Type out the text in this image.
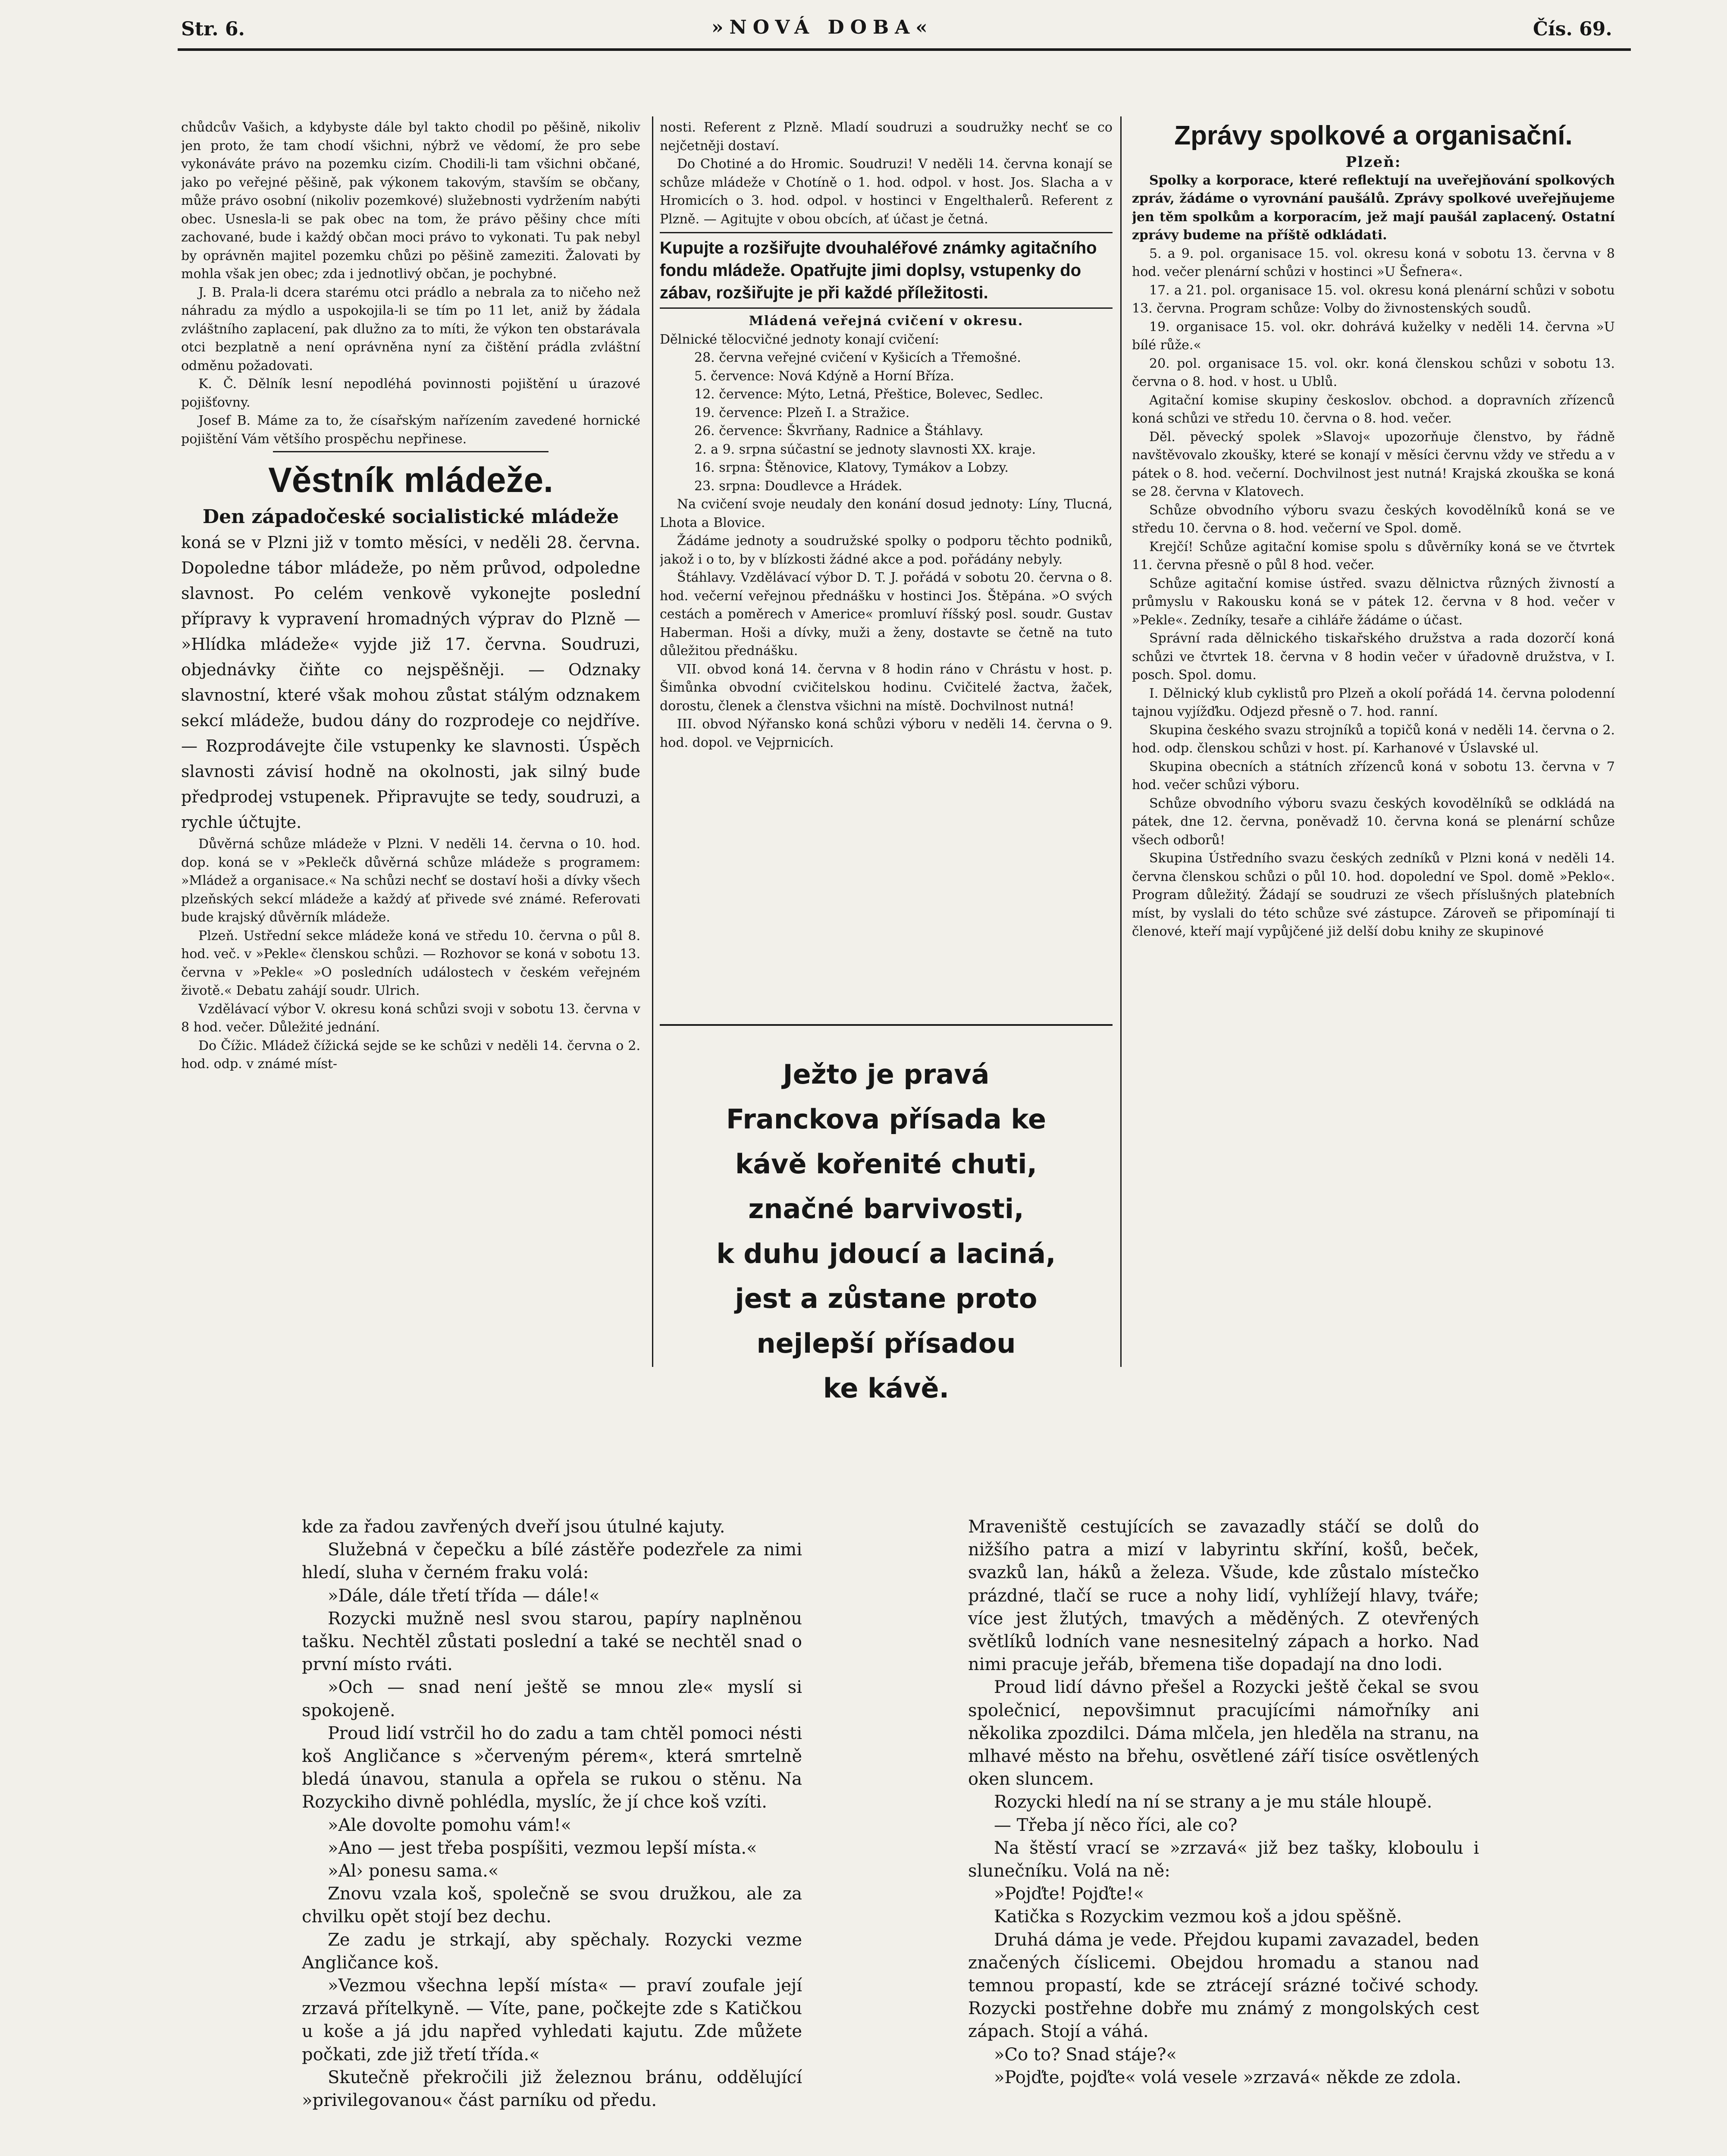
Str. 6.	»NOVÁ DOBA«	Čís. 69.

chůdcův Vašich, a kdybyste dále byl takto chodil po pěšině, nikoliv jen proto, že tam chodí všichni, nýbrž ve vědomí, že pro sebe vykonáváte právo na pozemku cizím. Chodili-li tam všichni občané, jako po veřejné pěšině, pak výkonem takovým, stavším se občany, může právo osobní (nikoliv pozemkové) služebnosti vydržením nabýti obec. Usnesla-li se pak obec na tom, že právo pěšiny chce míti zachované, bude i každý občan moci právo to vykonati. Tu pak nebyl by oprávněn majitel pozemku chůzi po pěšině zameziti. Žalovati by mohla však jen obec; zda i jednotlivý občan, je pochybné.

J. B. Prala-li dcera starému otci prádlo a nebrala za to ničeho než náhradu za mýdlo a uspokojila-li se tím po 11 let, aniž by žádala zvláštního zaplacení, pak dlužno za to míti, že výkon ten obstarávala otci bezplatně a není oprávněna nyní za čištění prádla zvláštní odměnu požadovati.

K. Č. Dělník lesní nepodléhá povinnosti pojištění u úrazové pojišťovny.

Josef B. Máme za to, že císařským nařízením zavedené hornické pojištění Vám většího prospěchu nepřinese.

Věstník mládeže.
Den západočeské socialistické mládeže

koná se v Plzni již v tomto měsíci, v neděli 28. června. Dopoledne tábor mládeže, po něm průvod, odpoledne slavnost. Po celém venkově vykonejte poslední přípravy k vypravení hromadných výprav do Plzně — »Hlídka mládeže« vyjde již 17. června. Soudruzi, objednávky čiňte co nejspěšněji. — Odznaky slavnostní, které však mohou zůstat stálým odznakem sekcí mládeže, budou dány do rozprodeje co nejdříve. — Rozprodávejte čile vstupenky ke slavnosti. Úspěch slavnosti závisí hodně na okolnosti, jak silný bude předprodej vstupenek. Připravujte se tedy, soudruzi, a rychle účtujte.

Důvěrná schůze mládeže v Plzni. V neděli 14. června o 10. hod. dop. koná se v »Peklečk důvěrná schůze mládeže s programem: »Mládež a organisace.« Na schůzi nechť se dostaví hoši a dívky všech plzeňských sekcí mládeže a každý ať přivede své známé. Referovati bude krajský důvěrník mládeže.

Plzeň. Ustřední sekce mládeže koná ve středu 10. června o půl 8. hod. več. v »Pekle« členskou schůzi. — Rozhovor se koná v sobotu 13. června v »Pekle« »O posledních událostech v českém veřejném životě.« Debatu zahájí soudr. Ulrich.

Vzdělávací výbor V. okresu koná schůzi svoji v sobotu 13. června v 8 hod. večer. Důležité jednání.

Do Čížic. Mládež čížická sejde se ke schůzi v neděli 14. června o 2. hod. odp. v známé míst-

nosti. Referent z Plzně. Mladí soudruzi a soudružky nechť se co nejčetněji dostaví.

Do Chotiné a do Hromic. Soudruzi! V neděli 14. června konají se schůze mládeže v Chotíně o 1. hod. odpol. v host. Jos. Slacha a v Hromicích o 3. hod. odpol. v hostinci v Engelthalerů. Referent z Plzně. — Agitujte v obou obcích, ať účast je četná.

Kupujte a rozšiřujte dvouhaléřové známky agitačního fondu mládeže. Opatřujte jimi doplsy, vstupenky do zábav, rozšiřujte je při každé příležitosti.

Mládená veřejná cvičení v okresu.

Dělnické tělocvičné jednoty konají cvičení:

28. června veřejné cvičení v Kyšicích a Třemošné.

5. července: Nová Kdýně a Horní Bříza.

12. července: Mýto, Letná, Přeštice, Bolevec, Sedlec.

19. července: Plzeň I. a Stražice.

26. července: Škvrňany, Radnice a Štáhlavy.

2. a 9. srpna súčastní se jednoty slavnosti XX. kraje.

16. srpna: Štěnovice, Klatovy, Tymákov a Lobzy.

23. srpna: Doudlevce a Hrádek.

Na cvičení svoje neudaly den konání dosud jednoty: Líny, Tlucná, Lhota a Blovice.

Žádáme jednoty a soudružské spolky o podporu těchto podniků, jakož i o to, by v blízkosti žádné akce a pod. pořádány nebyly.

Štáhlavy. Vzdělávací výbor D. T. J. pořádá v sobotu 20. června o 8. hod. večerní veřejnou přednášku v hostinci Jos. Štěpána. »O svých cestách a poměrech v Americe« promluví říšský posl. soudr. Gustav Haberman. Hoši a dívky, muži a ženy, dostavte se četně na tuto důležitou přednášku.

VII. obvod koná 14. června v 8 hodin ráno v Chrástu v host. p. Šimůnka obvodní cvičitelskou hodinu. Cvičitelé žactva, žaček, dorostu, členek a členstva všichni na místě. Dochvilnost nutná!

III. obvod Nýřansko koná schůzi výboru v neděli 14. června o 9. hod. dopol. ve Vejprnicích.

Ježto je pravá
Franckova přísada ke
kávě kořenité chuti,
značné barvivosti,
k duhu jdoucí a laciná,
jest a zůstane proto
nejlepší přísadou
ke kávě.
Zprávy spolkové a organisační.
Plzeň:

Spolky a korporace, které reflektují na uveřejňování spolkových zpráv, žádáme o vyrovnání paušálů. Zprávy spolkové uveřejňujeme jen těm spolkům a korporacím, jež mají paušál zaplacený. Ostatní zprávy budeme na příště odkládati.

5. a 9. pol. organisace 15. vol. okresu koná v sobotu 13. června v 8 hod. večer plenární schůzi v hostinci »U Šefnera«.

17. a 21. pol. organisace 15. vol. okresu koná plenární schůzi v sobotu 13. června. Program schůze: Volby do živnostenských soudů.

19. organisace 15. vol. okr. dohrává kuželky v neděli 14. června »U bílé růže.«

20. pol. organisace 15. vol. okr. koná členskou schůzi v sobotu 13. června o 8. hod. v host. u Ublů.

Agitační komise skupiny českoslov. obchod. a dopravních zřízenců koná schůzi ve středu 10. června o 8. hod. večer.

Děl. pěvecký spolek »Slavoj« upozorňuje členstvo, by řádně navštěvovalo zkoušky, které se konají v měsíci červnu vždy ve středu a v pátek o 8. hod. večerní. Dochvilnost jest nutná! Krajská zkouška se koná se 28. června v Klatovech.

Schůze obvodního výboru svazu českých kovodělníků koná se ve středu 10. června o 8. hod. večerní ve Spol. domě.

Krejčí! Schůze agitační komise spolu s důvěrníky koná se ve čtvrtek 11. června přesně o půl 8 hod. večer.

Schůze agitační komise ústřed. svazu dělnictva různých živností a průmyslu v Rakousku koná se v pátek 12. června v 8 hod. večer v »Pekle«. Zedníky, tesaře a cihláře žádáme o účast.

Správní rada dělnického tiskařského družstva a rada dozorčí koná schůzi ve čtvrtek 18. června v 8 hodin večer v úřadovně družstva, v I. posch. Spol. domu.

I. Dělnický klub cyklistů pro Plzeň a okolí pořádá 14. června polodenní tajnou vyjížďku. Odjezd přesně o 7. hod. ranní.

Skupina českého svazu strojníků a topičů koná v neděli 14. června o 2. hod. odp. členskou schůzi v host. pí. Karhanové v Úslavské ul.

Skupina obecních a státních zřízenců koná v sobotu 13. června v 7 hod. večer schůzi výboru.

Schůze obvodního výboru svazu českých kovodělníků se odkládá na pátek, dne 12. června, poněvadž 10. června koná se plenární schůze všech odborů!

Skupina Ústředního svazu českých zedníků v Plzni koná v neděli 14. června členskou schůzi o půl 10. hod. dopolední ve Spol. domě »Peklo«. Program důležitý. Žádají se soudruzi ze všech příslušných platebních míst, by vyslali do této schůze své zástupce. Zároveň se připomínají ti členové, kteří mají vypůjčené již delší dobu knihy ze skupinové

kde za řadou zavřených dveří jsou útulné kajuty.

Služebná v čepečku a bílé zástěře podezřele za nimi hledí, sluha v černém fraku volá:

»Dále, dále třetí třída — dále!«

Rozycki mužně nesl svou starou, papíry naplněnou tašku. Nechtěl zůstati poslední a také se nechtěl snad o první místo rváti.

»Och — snad není ještě se mnou zle« myslí si spokojeně.

Proud lidí vstrčil ho do zadu a tam chtěl pomoci nésti koš Angličance s »červeným pérem«, která smrtelně bledá únavou, stanula a opřela se rukou o stěnu. Na Rozyckiho divně pohlédla, myslíc, že jí chce koš vzíti.

»Ale dovolte pomohu vám!«

»Ano — jest třeba pospíšiti, vezmou lepší místa.«

»Al› ponesu sama.«

Znovu vzala koš, společně se svou družkou, ale za chvilku opět stojí bez dechu.

Ze zadu je strkají, aby spěchaly. Rozycki vezme Angličance koš.

»Vezmou všechna lepší místa« — praví zoufale její zrzavá přítelkyně. — Víte, pane, počkejte zde s Katičkou u koše a já jdu napřed vyhledati kajutu. Zde můžete počkati, zde již třetí třída.«

Skutečně překročili již železnou bránu, oddělující »privilegovanou« část parníku od předu.

Mraveniště cestujících se zavazadly stáčí se dolů do nižšího patra a mizí v labyrintu skříní, košů, beček, svazků lan, háků a železa. Všude, kde zůstalo místečko prázdné, tlačí se ruce a nohy lidí, vyhlížejí hlavy, tváře; více jest žlutých, tmavých a měděných. Z otevřených světlíků lodních vane nesnesitelný zápach a horko. Nad nimi pracuje jeřáb, břemena tiše dopadají na dno lodi.

Proud lidí dávno přešel a Rozycki ještě čekal se svou společnicí, nepovšimnut pracujícími námořníky ani několika zpozdilci. Dáma mlčela, jen hleděla na stranu, na mlhavé město na břehu, osvětlené září tisíce osvětlených oken sluncem.

Rozycki hledí na ní se strany a je mu stále hloupě.

— Třeba jí něco říci, ale co?

Na štěstí vrací se »zrzavá« již bez tašky, kloboulu i slunečníku. Volá na ně:

»Pojďte! Pojďte!«

Katička s Rozyckim vezmou koš a jdou spěšně.

Druhá dáma je vede. Přejdou kupami zavazadel, beden značených číslicemi. Obejdou hromadu a stanou nad temnou propastí, kde se ztrácejí srázné točivé schody. Rozycki postřehne dobře mu známý z mongolských cest zápach. Stojí a váhá.

»Co to? Snad stáje?«

»Pojďte, pojďte« volá vesele »zrzavá« někde ze zdola.
